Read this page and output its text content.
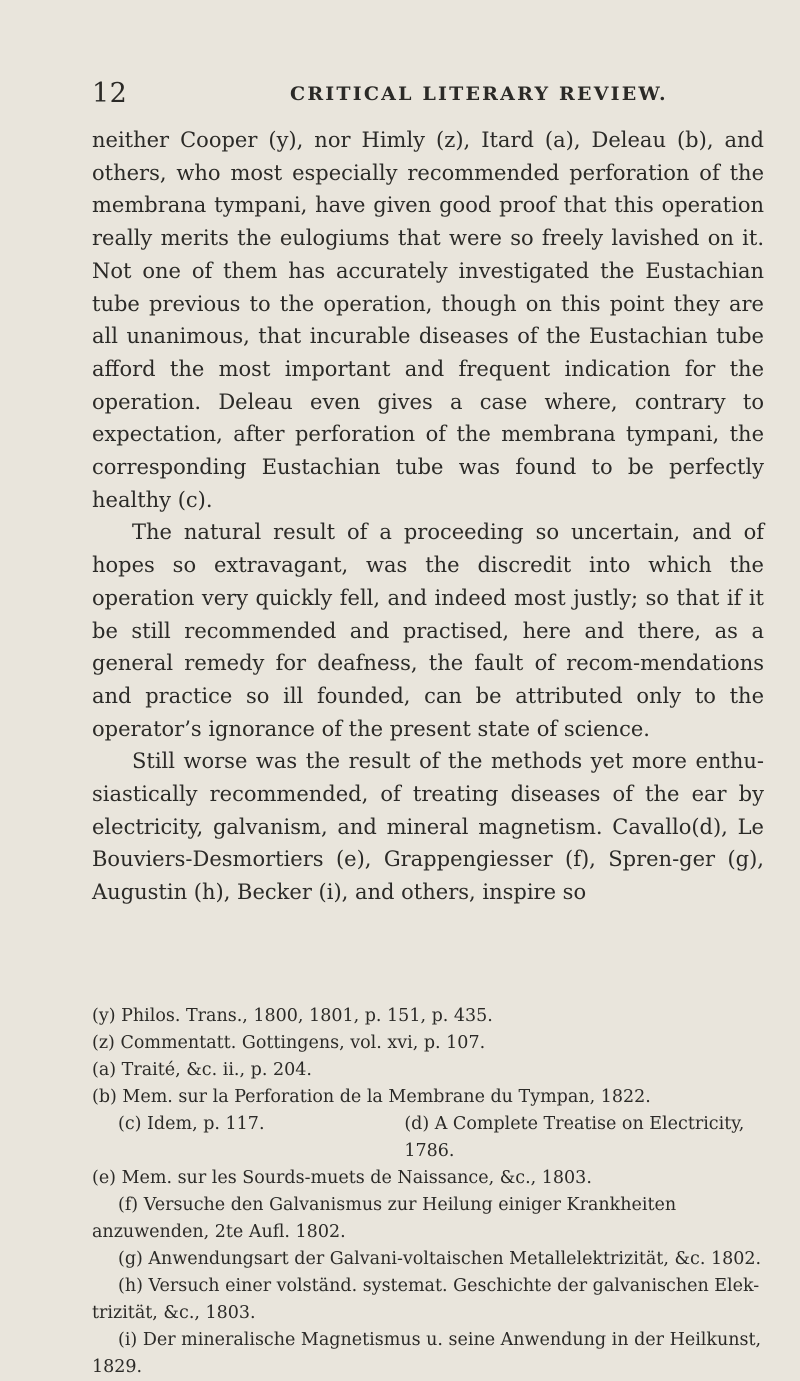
12	CRITICAL LITERARY REVIEW.

neither Cooper (y), nor Himly (z), Itard (a), Deleau (b), and others, who most especially recommended perforation of the membrana tympani, have given good proof that this operation really merits the eulogiums that were so freely lavished on it. Not one of them has accurately investigated the Eustachian tube previous to the operation, though on this point they are all unanimous, that incurable diseases of the Eustachian tube afford the most important and frequent indication for the operation. Deleau even gives a case where, contrary to expectation, after perforation of the membrana tympani, the corresponding Eustachian tube was found to be perfectly healthy (c).

The natural result of a proceeding so uncertain, and of hopes so extravagant, was the discredit into which the operation very quickly fell, and indeed most justly; so that if it be still recommended and practised, here and there, as a general remedy for deafness, the fault of recom-mendations and practice so ill founded, can be attributed only to the operator’s ignorance of the present state of science.

Still worse was the result of the methods yet more enthu-siastically recommended, of treating diseases of the ear by electricity, galvanism, and mineral magnetism. Cavallo(d), Le Bouviers-Desmortiers (e), Grappengiesser (f), Spren-ger (g), Augustin (h), Becker (i), and others, inspire so

(y) Philos. Trans., 1800, 1801, p. 151, p. 435.

(z) Commentatt. Gottingens, vol. xvi, p. 107.

(a) Traité, &c. ii., p. 204.

(b) Mem. sur la Perforation de la Membrane du Tympan, 1822.

(c) Idem, p. 117.	(d) A Complete Treatise on Electricity, 1786.

(e) Mem. sur les Sourds-muets de Naissance, &c., 1803.

(f) Versuche den Galvanismus zur Heilung einiger Krankheiten anzuwenden, 2te Aufl. 1802.

(g) Anwendungsart der Galvani-voltaischen Metallelektrizität, &c. 1802.

(h) Versuch einer volständ. systemat. Geschichte der galvanischen Elek-trizität, &c., 1803.

(i) Der mineralische Magnetismus u. seine Anwendung in der Heilkunst, 1829.
